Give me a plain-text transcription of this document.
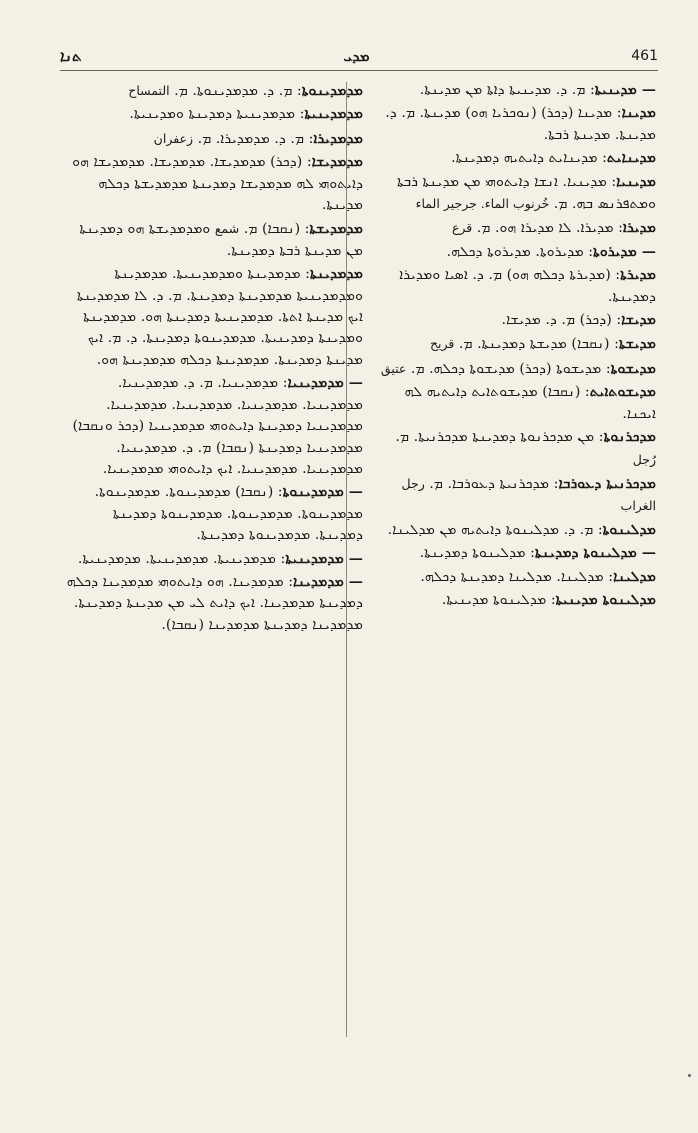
ܬܢܐ	ܡܕܝ	461

ܡܕܡܕܝܢܘܬܐ: ܡ. ܕ. ܡܕܡܕܝܢܘܬܐ. ܡ. التمساح

ܡܕܡܕܝܢܝܬܐ: ܡܕܡܕܝܢܝܬܐ ܕܡܕܝܢܬܐ ܘܡܕܝܢܝܬܐ.

ܡܕܡܕܝܪܐ: ܡ. ܕ. ܡܕܡܕܝܪܐ. ܡ. زعفران

ܡܕܡܕܝܫܐ: (ܕܟܪ) ܡܕܡܕܝܫܐ. ܡܕܡܕܝܫܐ. ܡܕܡܕܝܫܐ ܗܘ ܕܐܝܬܘܗܝ ܠܗ ܡܕܡܕܝܫܐ ܕܡܕܝܢܬܐ ܡܕܡܕܝܫܬܐ ܕܟܠܗ ܡܕܝܢܬܐ.

ܡܕܡܕܝܫܬܐ: (ܢܩܒܐ) ܡ. شمع ܘܡܕܡܕܝܫܬܐ ܗܘ ܕܡܕܝܢܬܐ ܡܢ ܡܕܝܢܬܐ ܪܒܬܐ ܕܡܕܝܢܬܐ.

ܡܕܡܕܝܢܬܐ: ܡܕܡܕܝܢܬܐ ܘܡܕܡܕܝܢܝܬܐ. ܡܕܡܕܝܢܬܐ ܘܡܕܡܕܝܢܝܬܐ ܡܕܡܕܝܢܬܐ ܕܡܕܝܢܬܐ. ܡ. ܕ. ܠܐ ܡܕܡܕܝܢܬܐ ܐܝܟ ܡܕܝܢܬܐ ܐܬܬܐ. ܡܕܡܕܝܢܝܬܐ ܕܡܕܝܢܬܐ ܗܘ. ܡܕܡܕܝܢܬܐ ܘܡܕܝܢܬܐ ܕܡܕܝܢܝܬܐ. ܡܕܡܕܝܢܘܬܐ ܕܡܕܝܢܬܐ. ܕ. ܡ. ܐܝܟ ܡܕܝܢܬܐ ܕܡܕܝܢܬܐ. ܡܕܡܕܝܢܬܐ ܕܟܠܗ ܡܕܡܕܝܢܬܐ ܗܘ.

— ܡܕܡܕܝܢܝܐ: ܡܕܡܕܝܢܝܐ. ܡ. ܕ. ܡܕܡܕܝܢܝܐ. ܡܕܡܕܝܢܝܐ. ܡܕܡܕܝܢܝܐ. ܡܕܡܕܝܢܝܐ. ܡܕܡܕܝܢܝܐ. ܡܕܡܕܝܢܝܐ ܕܡܕܝܢܬܐ ܕܐܝܬܘܗܝ ܡܕܡܕܝܢܝܐ (ܕܟܪ ܘܢܩܒܐ) ܡܕܡܕܝܢܝܐ ܕܡܕܝܢܬܐ (ܢܩܒܐ) ܡ. ܕ. ܡܕܡܕܝܢܝܐ. ܡܕܡܕܝܢܝܐ. ܡܕܡܕܝܢܝܐ. ܐܝܟ ܕܐܝܬܘܗܝ ܡܕܡܕܝܢܝܐ.

— ܡܕܡܕܝܢܘܬܐ: (ܢܩܒܐ) ܡܕܡܕܝܢܘܬܐ. ܡܕܡܕܝܢܘܬܐ. ܡܕܡܕܝܢܘܬܐ. ܡܕܡܕܝܢܘܬܐ. ܡܕܡܕܝܢܘܬܐ ܕܡܕܝܢܬܐ ܕܡܕܝܢܬܐ. ܡܕܡܕܝܢܘܬܐ ܕܡܕܝܢܬܐ.

— ܡܕܡܕܝܢܝܬܐ: ܡܕܡܕܝܢܝܬܐ. ܡܕܡܕܝܢܝܬܐ. ܡܕܡܕܝܢܝܬܐ.

— ܡܕܡܕܝܢܐ: ܡܕܡܕܝܢܐ. ܗܘ ܕܐܝܬܘܗܝ ܡܕܡܕܝܢܐ ܕܟܠܗ ܕܡܕܝܢܬܐ ܡܕܡܕܝܢܐ. ܐܝܟ ܕܐܝܬ ܠܝ ܡܢ ܡܕܝܢܬܐ ܕܡܕܝܢܬܐ. ܡܕܡܕܝܢܐ ܕܡܕܝܢܬܐ ܡܕܡܕܝܢܐ (ܢܩܒܐ).

— ܡܕܝܢܝܬܐ: ܡ. ܕ. ܡܕܝܢܝܬܐ ܕܐܬܐ ܡܢ ܡܕܝܢܬܐ.

ܡܕܝܢܐ: ܡܕܝܢܐ (ܕܟܪ) (ܢܘܟܪܝܐ ܗܘ) ܡܕܝܢܬܐ. ܡ. ܕ. ܡܕܝܢܬܐ. ܡܕܝܢܬܐ ܪܒܬܐ.

ܡܕܝܢܐܝܬ: ܡܕܝܢܐܝܬ ܕܐܝܬܝܗ ܕܡܕܝܢܬܐ.

ܡܕܝܢܝܐ: ܡܕܝܢܝܐ. ܐܢܫܐ ܕܐܝܬܘܗܝ ܡܢ ܡܕܝܢܬܐ ܪܒܬܐ ܘܡܬܦܪܢܣ ܒܗ. ܡ. خُرنوب الماء. جرجير الماء

ܡܕܝܪܐ: ܡܕܝܪܐ. ܠܐ ܡܕܝܪܐ ܗܘ. ܡ. قرع

— ܡܕܝܪܘܬܐ: ܡܕܝܪܘܬܐ. ܡܕܝܪܘܬܐ ܕܟܠܗ.

ܡܕܝܪܬܐ: (ܡܕܝܪܬܐ ܕܟܠܗ ܗܘ) ܡ. ܕ. ܐܣܝܐ ܘܡܕܝܪܐ ܕܡܕܝܢܬܐ.

ܡܕܝܫܐ: (ܕܟܪ) ܡ. ܕ. ܡܕܝܫܐ.

ܡܕܝܫܬܐ: (ܢܩܒܐ) ܡܕܝܫܬܐ ܕܡܕܝܢܬܐ. ܡ. قريح

ܡܕܝܫܘܬܐ: ܡܕܝܫܘܬܐ (ܕܟܪ) ܡܕܝܫܘܬܐ ܕܟܠܗ. ܡ. عتيق

ܡܕܝܫܘܬܐܝܬ: (ܢܩܒܐ) ܡܕܝܫܘܬܐܝܬ ܕܐܝܬܝܗ ܠܗ ܐܝܟܢܐ.

ܡܕܟܪܢܘܬܐ: ܡܢ ܡܕܟܪܢܘܬܐ ܕܡܕܝܢܬܐ ܡܕܟܪܢܝܬܐ. ܡ. رُجل

ܡܕܟܪܢܝܬܐ ܕܥܘܪܒܐ: ܡܕܟܪܢܝܬܐ ܕܥܘܪܒܐ. ܡ. رجل الغراب

ܡܕܠܝܢܘܬܐ: ܡ. ܕ. ܡܕܠܝܢܘܬܐ ܕܐܝܬܝܗ ܡܢ ܡܕܠܝܢܐ.

— ܡܕܠܝܢܘܬܐ ܕܡܕܝܢܬܐ: ܡܕܠܝܢܘܬܐ ܕܡܕܝܢܬܐ.

ܡܕܠܝܢܐ: ܡܕܠܝܢܐ. ܡܕܠܝܢܐ ܕܡܕܝܢܬܐ ܕܟܠܗ.

ܡܕܠܝܢܘܬܐ ܡܕܝܢܝܬܐ: ܡܕܠܝܢܘܬܐ ܡܕܝܢܝܬܐ.
